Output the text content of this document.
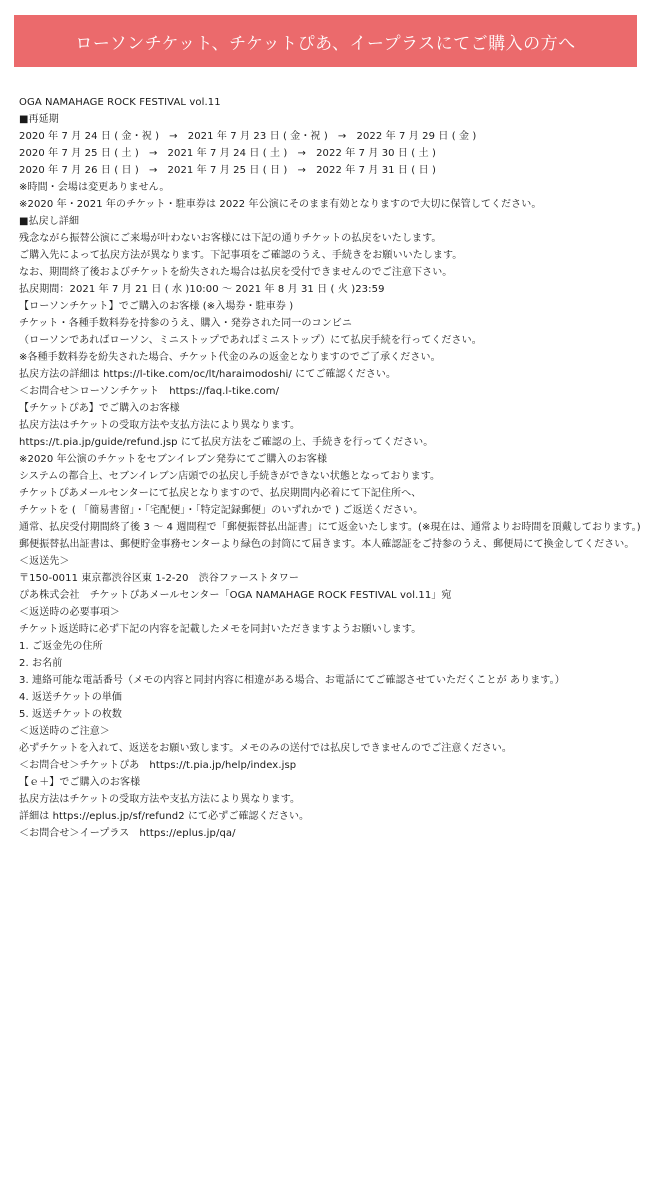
ローソンチケット、チケットぴあ、イープラスにてご購入の方へ
OGA NAMAHAGE ROCK FESTIVAL vol.11
■再延期
2020 年 7 月 24 日 ( 金・祝 )　→　2021 年 7 月 23 日 ( 金・祝 )　→　2022 年 7 月 29 日 ( 金 )
2020 年 7 月 25 日 ( 土 )　→　2021 年 7 月 24 日 ( 土 )　→　2022 年 7 月 30 日 ( 土 )
2020 年 7 月 26 日 ( 日 )　→　2021 年 7 月 25 日 ( 日 )　→　2022 年 7 月 31 日 ( 日 )
※時間・会場は変更ありません。
※2020 年・2021 年のチケット・駐車券は 2022 年公演にそのまま有効となりますので大切に保管してください。
■払戻し詳細
残念ながら振替公演にご来場が叶わないお客様には下記の通りチケットの払戻をいたします。
ご購入先によって払戻方法が異なります。下記事項をご確認のうえ、手続きをお願いいたします。
なお、期間終了後およびチケットを紛失された場合は払戻を受付できませんのでご注意下さい。
払戻期間：2021 年 7 月 21 日 ( 水 )10:00 ～ 2021 年 8 月 31 日 ( 火 )23:59
【ローソンチケット】でご購入のお客様 (※入場券・駐車券 )
チケット・各種手数料券を持参のうえ、購入・発券された同一のコンビニ
（ローソンであればローソン、ミニストップであればミニストップ）にて払戻手続を行ってください。
※各種手数料券を紛失された場合、チケット代金のみの返金となりますのでご了承ください。
払戻方法の詳細は https://l-tike.com/oc/lt/haraimodoshi/ にてご確認ください。
＜お問合せ＞ローソンチケット　https://faq.l-tike.com/
【チケットぴあ】でご購入のお客様
払戻方法はチケットの受取方法や支払方法により異なります。
https://t.pia.jp/guide/refund.jsp にて払戻方法をご確認の上、手続きを行ってください。
※2020 年公演のチケットをセブンイレブン発券にてご購入のお客様
システムの都合上、セブンイレブン店頭での払戻し手続きができない状態となっております。
チケットぴあメールセンターにて払戻となりますので、払戻期間内必着にて下記住所へ、
チケットを ( 「簡易書留」・「宅配便」・「特定記録郵便」のいずれかで ) ご返送ください。
通常、払戻受付期間終了後 3 ～ 4 週間程で「郵便振替払出証書」にて返金いたします。(※現在は、通常よりお時間を頂戴しております。)
郵便振替払出証書は、郵便貯金事務センターより緑色の封筒にて届きます。本人確認証をご持参のうえ、郵便局にて換金してください。
＜返送先＞
〒150-0011 東京都渋谷区東 1-2-20　渋谷ファーストタワー
ぴあ株式会社　チケットぴあメールセンター「OGA NAMAHAGE ROCK FESTIVAL vol.11」宛
＜返送時の必要事項＞
チケット返送時に必ず下記の内容を記載したメモを同封いただきますようお願いします。
1. ご返金先の住所
2. お名前
3. 連絡可能な電話番号（メモの内容と同封内容に相違がある場合、お電話にてご確認させていただくことが あります。）
4. 返送チケットの単価
5. 返送チケットの枚数
＜返送時のご注意＞
必ずチケットを入れて、返送をお願い致します。メモのみの送付では払戻しできませんのでご注意ください。
＜お問合せ＞チケットぴあ　https://t.pia.jp/help/index.jsp
【ｅ＋】でご購入のお客様
払戻方法はチケットの受取方法や支払方法により異なります。
詳細は https://eplus.jp/sf/refund2 にて必ずご確認ください。
＜お問合せ＞イープラス　https://eplus.jp/qa/
